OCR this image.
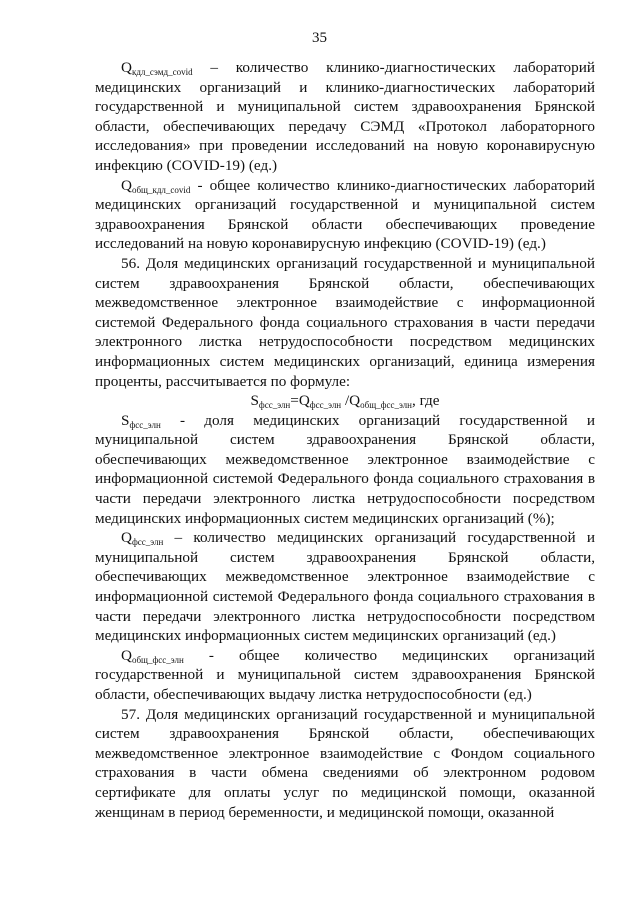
35

$Q_{кдл\_сэмд\_covid}$ – количество клинико-диагностических лабораторий медицинских организаций и клинико-диагностических лабораторий государственной и муниципальной систем здравоохранения Брянской области, обеспечивающих передачу СЭМД «Протокол лабораторного исследования» при проведении исследований на новую коронавирусную инфекцию (COVID-19) (ед.)

$Q_{общ\_кдл\_covid}$ - общее количество клинико-диагностических лабораторий медицинских организаций государственной и муниципальной систем здравоохранения Брянской области обеспечивающих проведение исследований на новую коронавирусную инфекцию (COVID-19) (ед.)

56. Доля медицинских организаций государственной и муниципальной систем здравоохранения Брянской области, обеспечивающих межведомственное электронное взаимодействие с информационной системой Федерального фонда социального страхования в части передачи электронного листка нетрудоспособности посредством медицинских информационных систем медицинских организаций, единица измерения проценты, рассчитывается по формуле:

$S_{фсс\_элн}=Q_{фсс\_элн}$ $/Q_{общ\_фсс\_элн}$, где

$S_{фсс\_элн}$ - доля медицинских организаций государственной и муниципальной систем здравоохранения Брянской области, обеспечивающих межведомственное электронное взаимодействие с информационной системой Федерального фонда социального страхования в части передачи электронного листка нетрудоспособности посредством медицинских информационных систем медицинских организаций (%);

$Q_{фсс\_элн}$ – количество медицинских организаций государственной и муниципальной систем здравоохранения Брянской области, обеспечивающих межведомственное электронное взаимодействие с информационной системой Федерального фонда социального страхования в части передачи электронного листка нетрудоспособности посредством медицинских информационных систем медицинских организаций (ед.)

$Q_{общ\_фсс\_элн}$ - общее количество медицинских организаций государственной и муниципальной систем здравоохранения Брянской области, обеспечивающих выдачу листка нетрудоспособности (ед.)

57. Доля медицинских организаций государственной и муниципальной систем здравоохранения Брянской области, обеспечивающих межведомственное электронное взаимодействие с Фондом социального страхования в части обмена сведениями об электронном родовом сертификате для оплаты услуг по медицинской помощи, оказанной женщинам в период беременности, и медицинской помощи, оказанной
